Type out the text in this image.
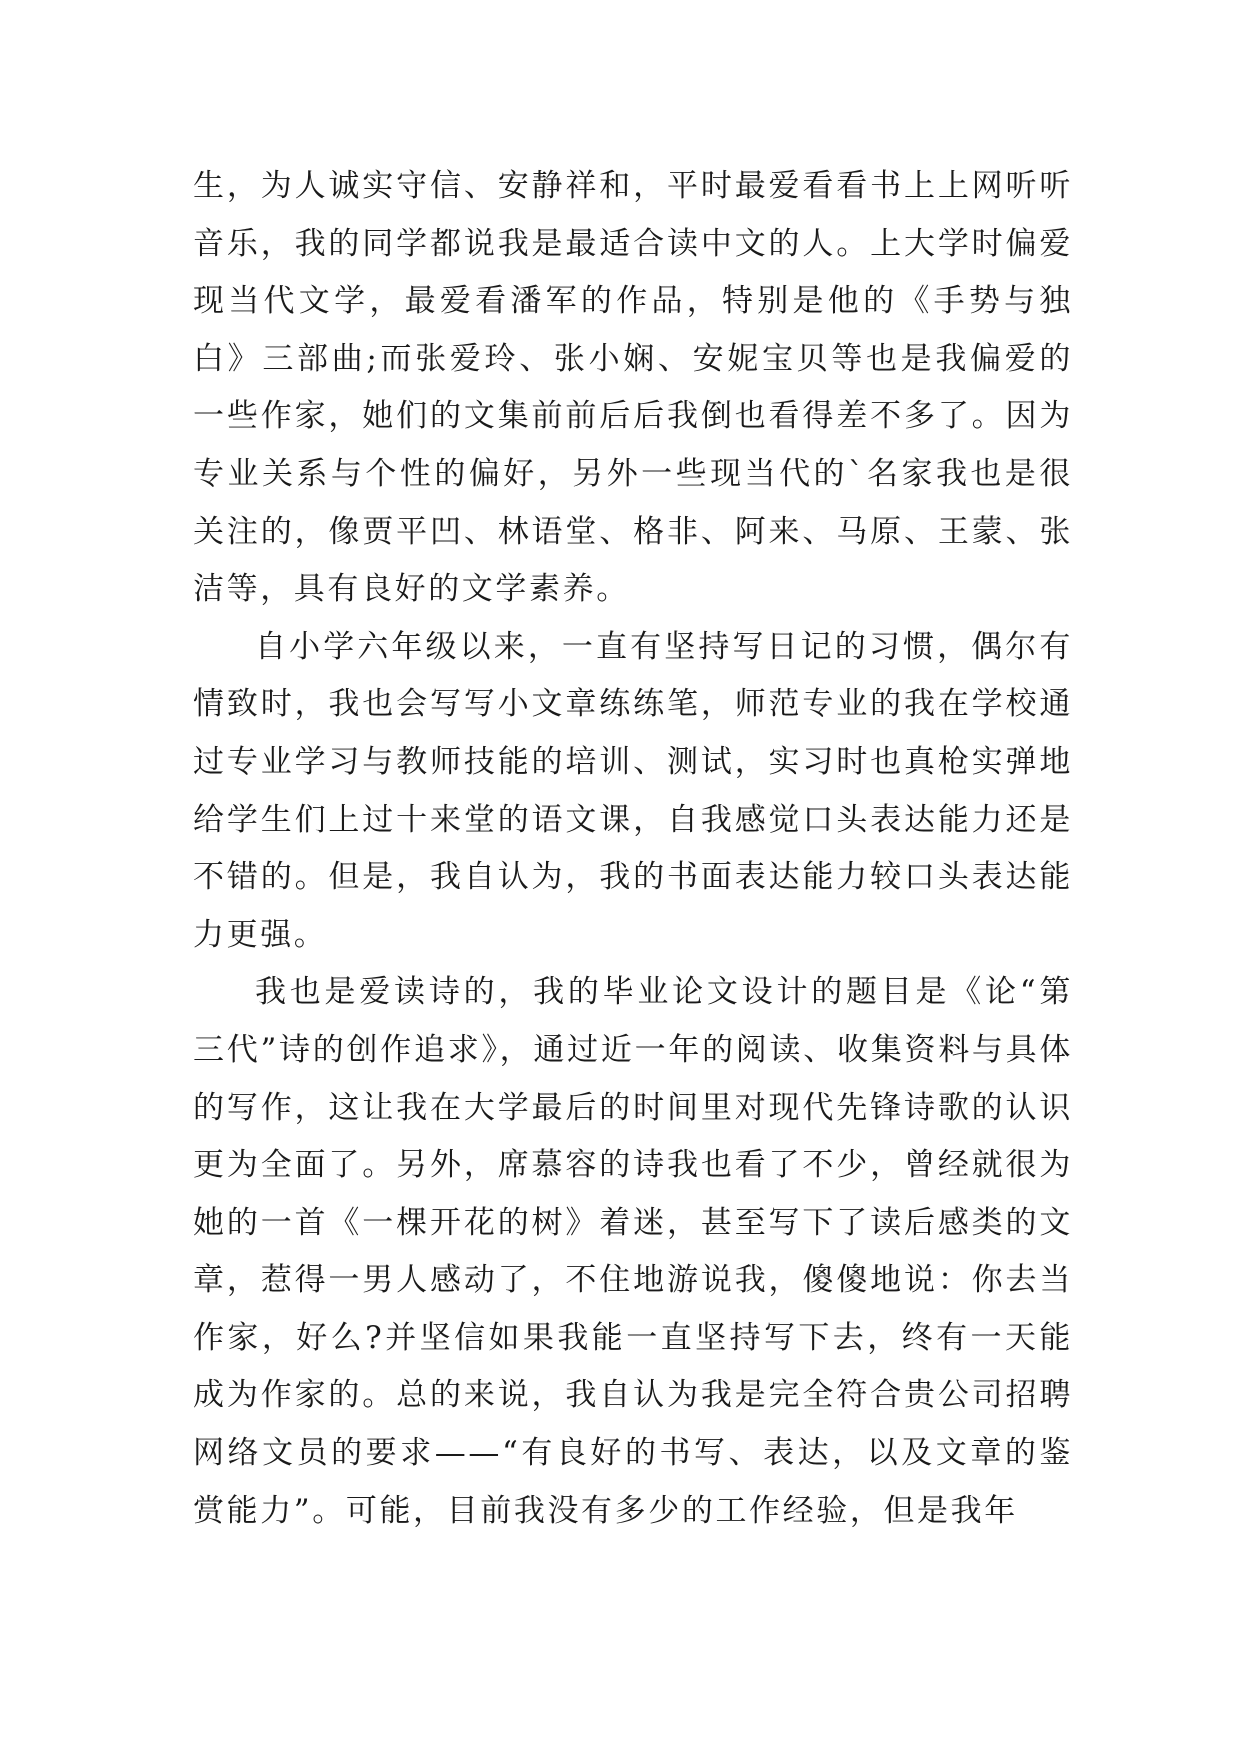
生，为人诚实守信、安静祥和，平时最爱看看书上上网听听音乐，我的同学都说我是最适合读中文的人。上大学时偏爱现当代文学，最爱看潘军的作品，特别是他的《手势与独白》三部曲;而张爱玲、张小娴、安妮宝贝等也是我偏爱的一些作家，她们的文集前前后后我倒也看得差不多了。因为专业关系与个性的偏好，另外一些现当代的`名家我也是很关注的，像贾平凹、林语堂、格非、阿来、马原、王蒙、张洁等，具有良好的文学素养。

自小学六年级以来，一直有坚持写日记的习惯，偶尔有情致时，我也会写写小文章练练笔，师范专业的我在学校通过专业学习与教师技能的培训、测试，实习时也真枪实弹地给学生们上过十来堂的语文课，自我感觉口头表达能力还是不错的。但是，我自认为，我的书面表达能力较口头表达能力更强。

我也是爱读诗的，我的毕业论文设计的题目是《论“第三代”诗的创作追求》，通过近一年的阅读、收集资料与具体的写作，这让我在大学最后的时间里对现代先锋诗歌的认识更为全面了。另外，席慕容的诗我也看了不少，曾经就很为她的一首《一棵开花的树》着迷，甚至写下了读后感类的文章，惹得一男人感动了，不住地游说我，傻傻地说：你去当作家，好么?并坚信如果我能一直坚持写下去，终有一天能成为作家的。总的来说，我自认为我是完全符合贵公司招聘网络文员的要求——“有良好的书写、表达，以及文章的鉴赏能力”。可能，目前我没有多少的工作经验，但是我年
